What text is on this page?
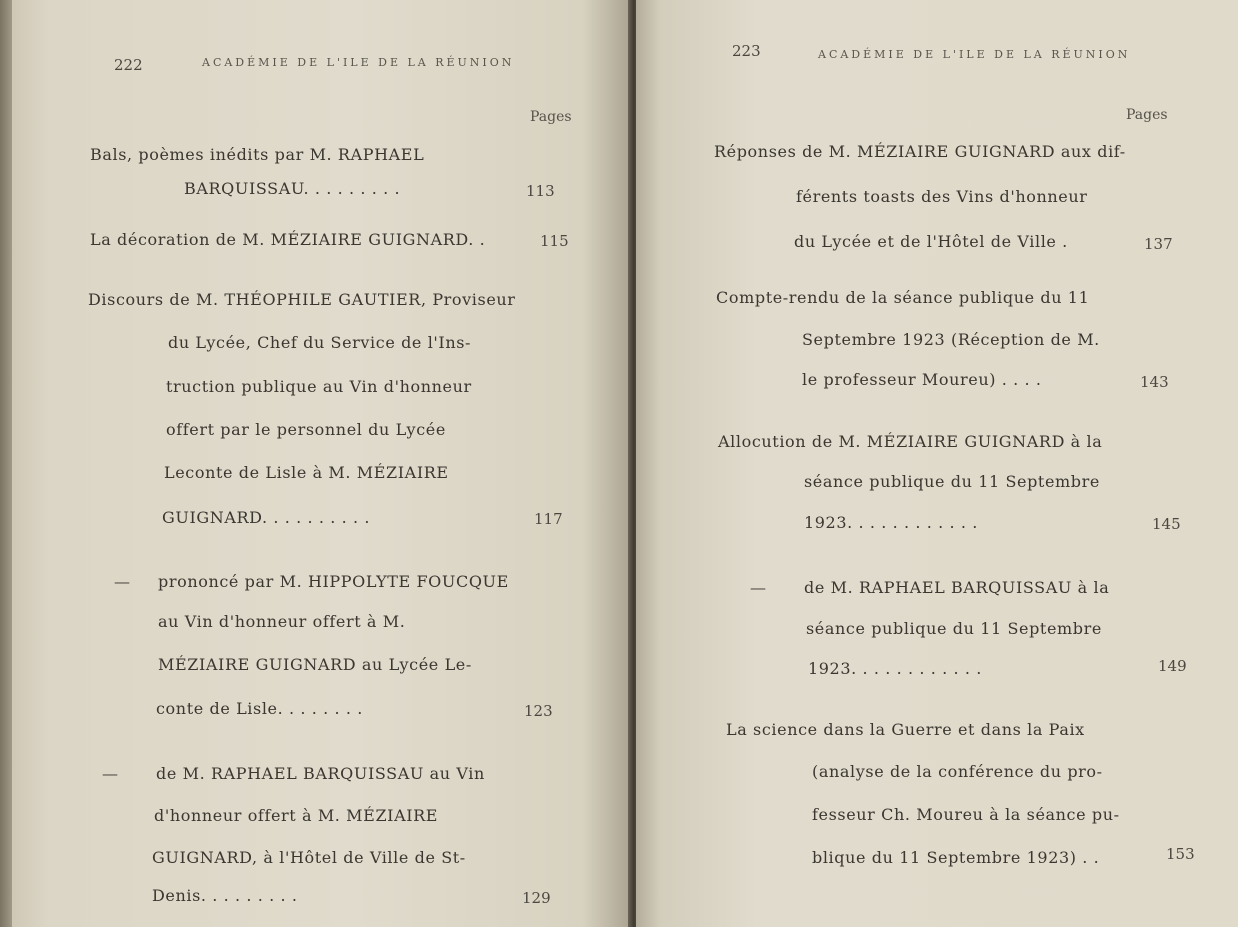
222	ACADÉMIE DE L'ILE DE LA RÉUNION
Pages
Bals, poèmes inédits par M. RAPHAEL
BARQUISSAU. . . . . . . . .	113
La décoration de M. MÉZIAIRE GUIGNARD. .	115
Discours de M. THÉOPHILE GAUTIER, Proviseur
du Lycée, Chef du Service de l'Ins-
truction publique au Vin d'honneur
offert par le personnel du Lycée
Leconte de Lisle à M. MÉZIAIRE
GUIGNARD. . . . . . . . . .	117
— prononcé par M. HIPPOLYTE FOUCQUE
au Vin d'honneur offert à M.
MÉZIAIRE GUIGNARD au Lycée Le-
conte de Lisle. . . . . . . .	123
— de M. RAPHAEL BARQUISSAU au Vin
d'honneur offert à M. MÉZIAIRE
GUIGNARD, à l'Hôtel de Ville de St-
Denis. . . . . . . . .	129
223	ACADÉMIE DE L'ILE DE LA RÉUNION
Pages
Réponses de M. MÉZIAIRE GUIGNARD aux dif-
férents toasts des Vins d'honneur
du Lycée et de l'Hôtel de Ville .	137
Compte-rendu de la séance publique du 11
Septembre 1923 (Réception de M.
le professeur Moureu) . . . .	143
Allocution de M. MÉZIAIRE GUIGNARD à la
séance publique du 11 Septembre
1923. . . . . . . . . . . .	145
— de M. RAPHAEL BARQUISSAU à la
séance publique du 11 Septembre
1923. . . . . . . . . . . .	149
La science dans la Guerre et dans la Paix
(analyse de la conférence du pro-
fesseur Ch. Moureu à la séance pu-
blique du 11 Septembre 1923) . .	153
